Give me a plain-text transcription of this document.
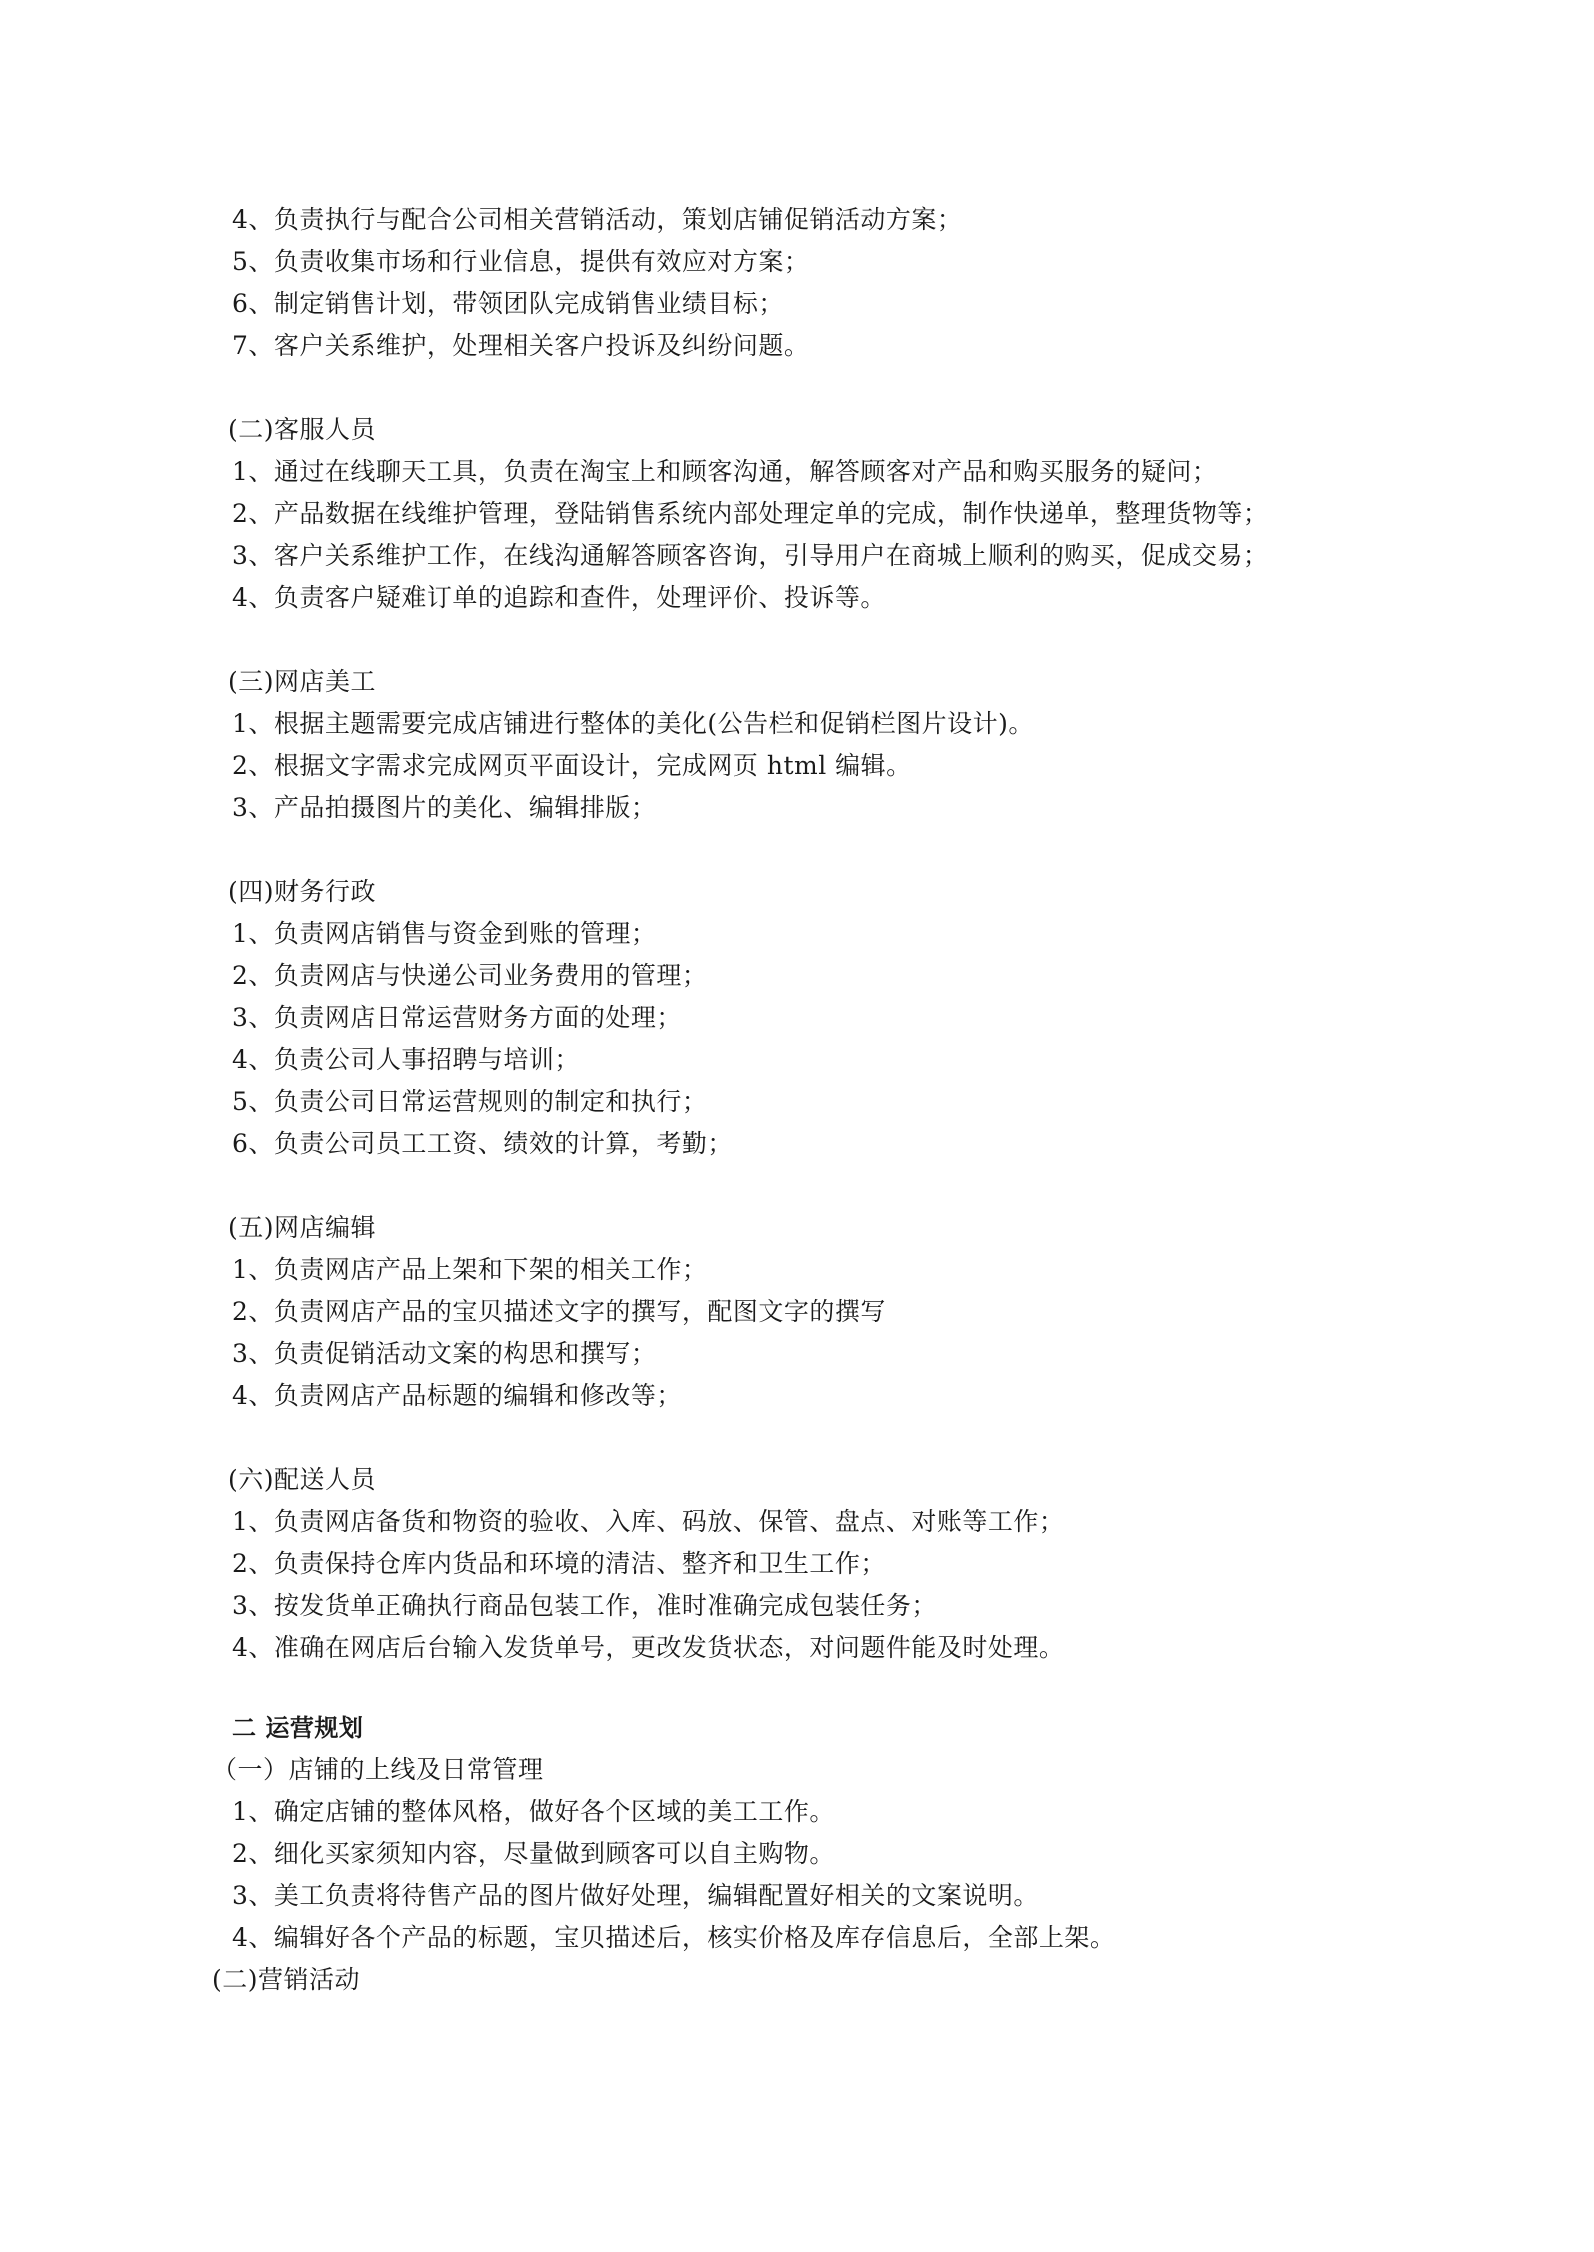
4、负责执行与配合公司相关营销活动，策划店铺促销活动方案；
5、负责收集市场和行业信息，提供有效应对方案；
6、制定销售计划，带领团队完成销售业绩目标；
7、客户关系维护，处理相关客户投诉及纠纷问题。
(二)客服人员
1、通过在线聊天工具，负责在淘宝上和顾客沟通，解答顾客对产品和购买服务的疑问；
2、产品数据在线维护管理，登陆销售系统内部处理定单的完成，制作快递单，整理货物等；
3、客户关系维护工作，在线沟通解答顾客咨询，引导用户在商城上顺利的购买，促成交易；
4、负责客户疑难订单的追踪和查件，处理评价、投诉等。
(三)网店美工
1、根据主题需要完成店铺进行整体的美化(公告栏和促销栏图片设计)。
2、根据文字需求完成网页平面设计，完成网页 html 编辑。
3、产品拍摄图片的美化、编辑排版；
(四)财务行政
1、负责网店销售与资金到账的管理；
2、负责网店与快递公司业务费用的管理；
3、负责网店日常运营财务方面的处理；
4、负责公司人事招聘与培训；
5、负责公司日常运营规则的制定和执行；
6、负责公司员工工资、绩效的计算，考勤；
(五)网店编辑
1、负责网店产品上架和下架的相关工作；
2、负责网店产品的宝贝描述文字的撰写，配图文字的撰写
3、负责促销活动文案的构思和撰写；
4、负责网店产品标题的编辑和修改等；
(六)配送人员
1、负责网店备货和物资的验收、入库、码放、保管、盘点、对账等工作；
2、负责保持仓库内货品和环境的清洁、整齐和卫生工作；
3、按发货单正确执行商品包装工作，准时准确完成包装任务；
4、准确在网店后台输入发货单号，更改发货状态，对问题件能及时处理。
二 运营规划
（一）店铺的上线及日常管理
1、确定店铺的整体风格，做好各个区域的美工工作。
2、细化买家须知内容，尽量做到顾客可以自主购物。
3、美工负责将待售产品的图片做好处理，编辑配置好相关的文案说明。
4、编辑好各个产品的标题，宝贝描述后，核实价格及库存信息后，全部上架。
(二)营销活动
